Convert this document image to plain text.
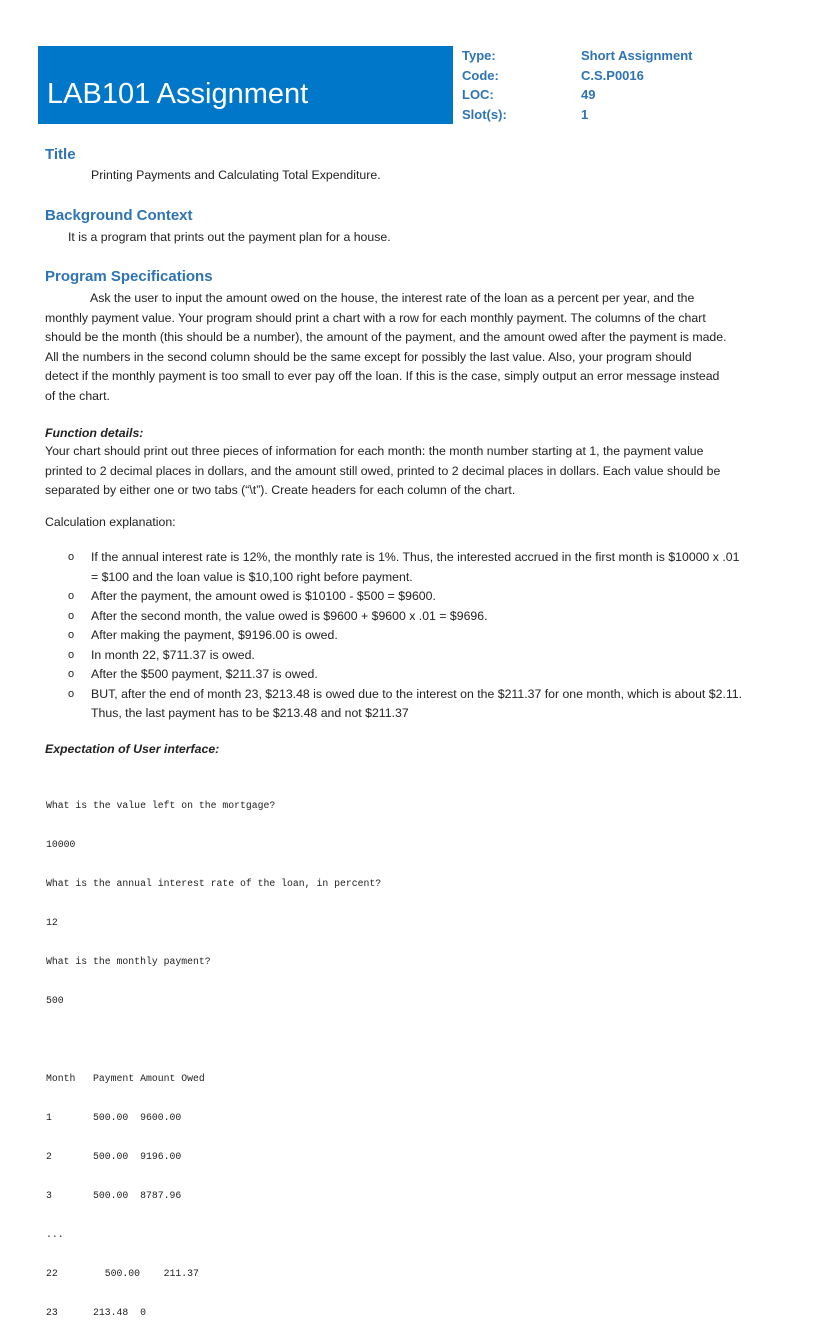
LAB101 Assignment
Type:
Code:
LOC:
Slot(s):
Short Assignment
C.S.P0016
49
1
Title
Printing Payments and Calculating Total Expenditure.
Background Context
It is a program that prints out the payment plan for a house.
Program Specifications
Ask the user to input the amount owed on the house, the interest rate of the loan as a percent per year, and the monthly payment value. Your program should print a chart with a row for each monthly payment. The columns of the chart should be the month (this should be a number), the amount of the payment, and the amount owed after the payment is made. All the numbers in the second column should be the same except for possibly the last value. Also, your program should detect if the monthly payment is too small to ever pay off the loan. If this is the case, simply output an error message instead of the chart.
Function details:
Your chart should print out three pieces of information for each month: the month number starting at 1, the payment value printed to 2 decimal places in dollars, and the amount still owed, printed to 2 decimal places in dollars. Each value should be separated by either one or two tabs (“\t”). Create headers for each column of the chart.
Calculation explanation:
o If the annual interest rate is 12%, the monthly rate is 1%. Thus, the interested accrued in the first month is $10000 x .01 = $100 and the loan value is $10,100 right before payment.
o After the payment, the amount owed is $10100 - $500 = $9600.
o After the second month, the value owed is $9600 + $9600 x .01 = $9696.
o After making the payment, $9196.00 is owed.
o In month 22, $711.37 is owed.
o After the $500 payment, $211.37 is owed.
o BUT, after the end of month 23, $213.48 is owed due to the interest on the $211.37 for one month, which is about $2.11. Thus, the last payment has to be $213.48 and not $211.37
Expectation of User interface:

What is the value left on the mortgage?

10000

What is the annual interest rate of the loan, in percent?

12

What is the monthly payment?

500

Month   Payment Amount Owed

1       500.00  9600.00

2       500.00  9196.00

3       500.00  8787.96

...

22        500.00    211.37

23      213.48  0
